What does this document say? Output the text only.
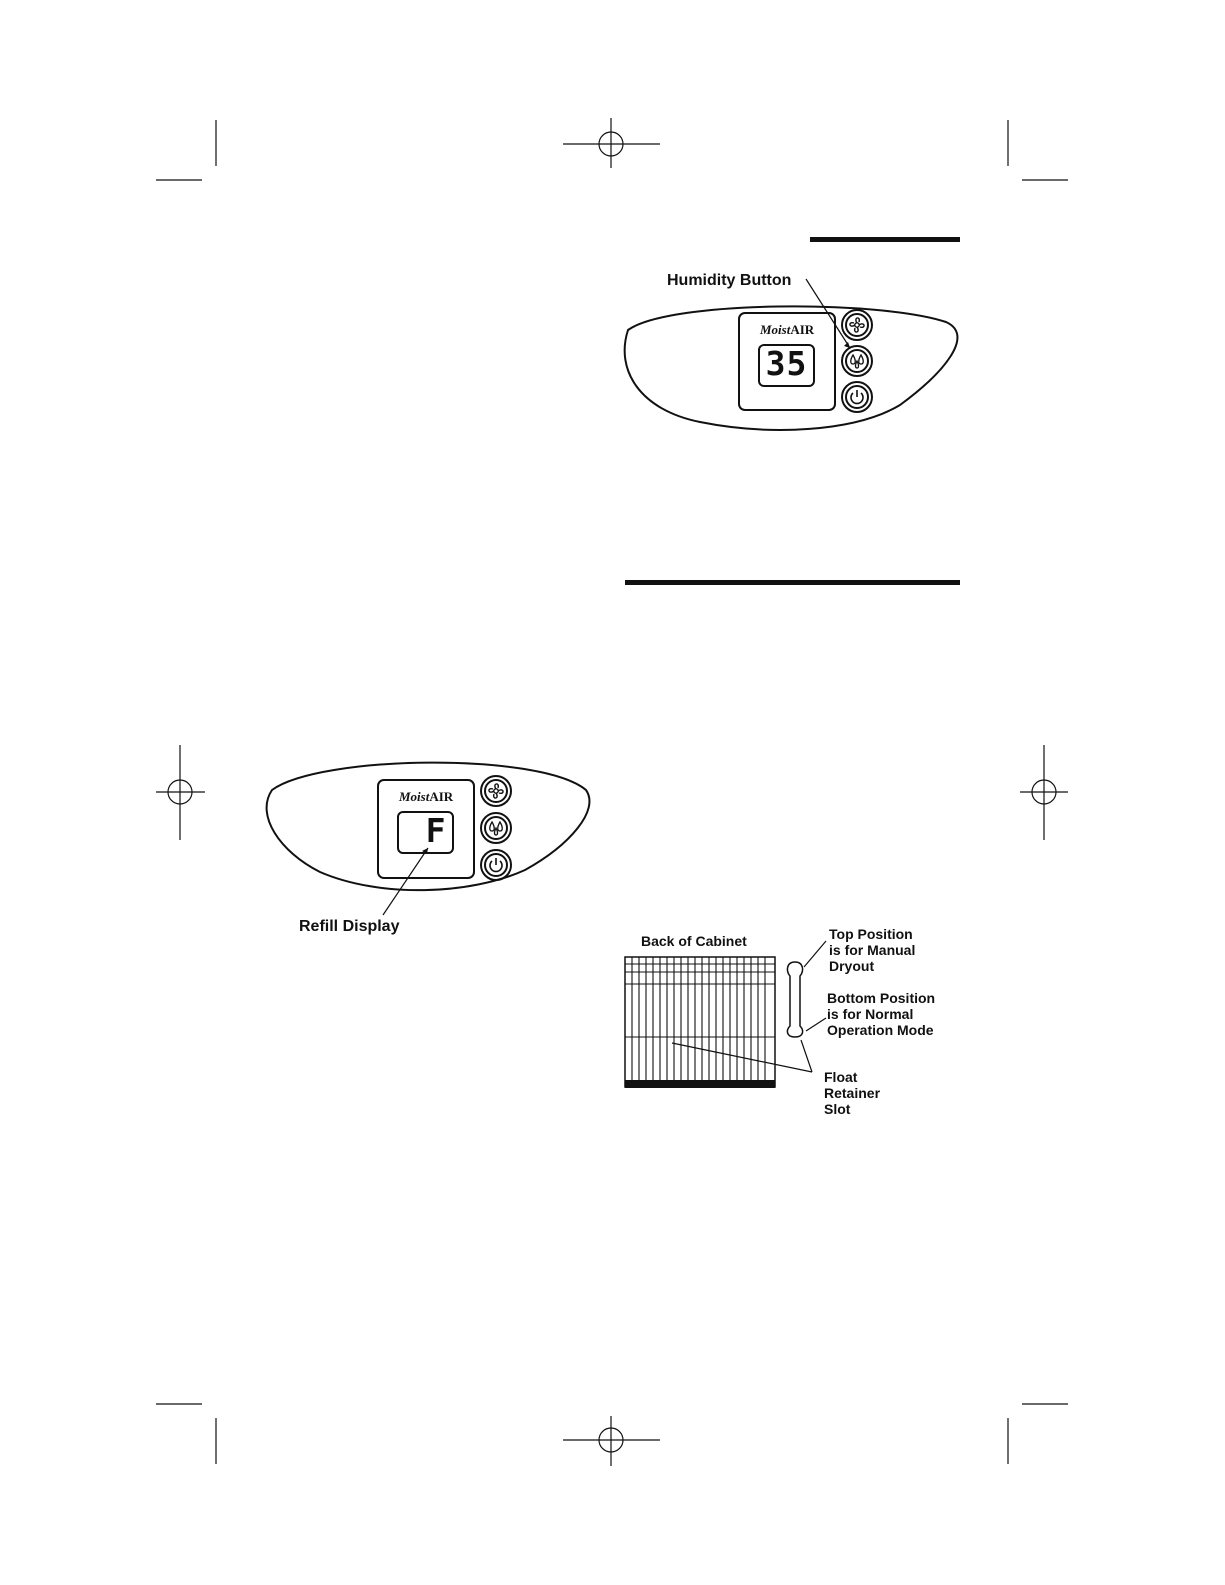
Humidity Button
MoistAIR
35
MoistAIR
F
Refill Display
Back of Cabinet	Top Position
is for Manual
Dryout
Bottom Position
is for Normal
Operation Mode
Float
Retainer
Slot
